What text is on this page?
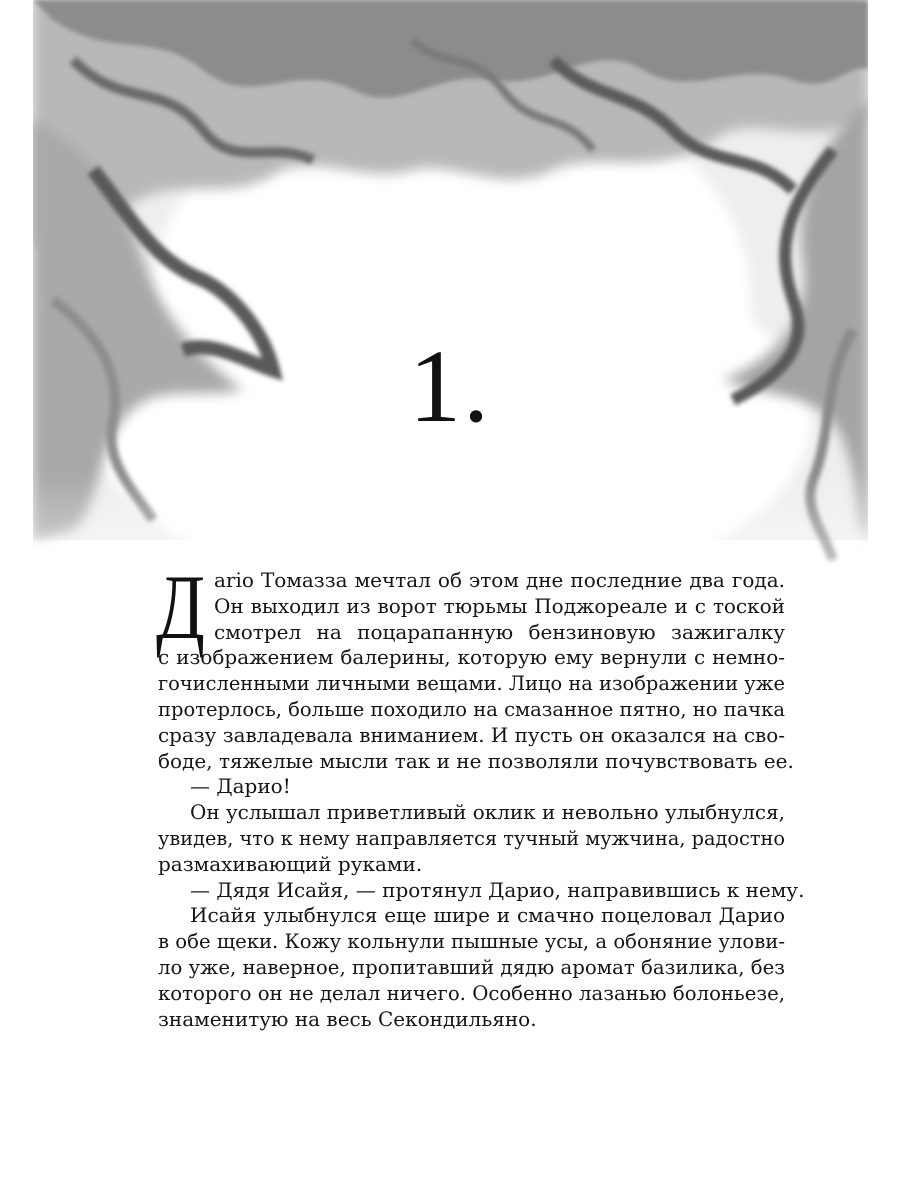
1.
Д ario Томазза мечтал об этом дне последние два года.
Он выходил из ворот тюрьмы Поджореале и с тоской
смотрел на поцарапанную бензиновую зажигалку
с изображением балерины, которую ему вернули с немно-
гочисленными личными вещами. Лицо на изображении уже
протерлось, больше походило на смазанное пятно, но пачка
сразу завладевала вниманием. И пусть он оказался на сво-
боде, тяжелые мысли так и не позволяли почувствовать ее.
— Дарио!
Он услышал приветливый оклик и невольно улыбнулся,
увидев, что к нему направляется тучный мужчина, радостно
размахивающий руками.
— Дядя Исайя, — протянул Дарио, направившись к нему.
Исайя улыбнулся еще шире и смачно поцеловал Дарио
в обе щеки. Кожу кольнули пышные усы, а обоняние улови-
ло уже, наверное, пропитавший дядю аромат базилика, без
которого он не делал ничего. Особенно лазанью болоньезе,
знаменитую на весь Секондильяно.
